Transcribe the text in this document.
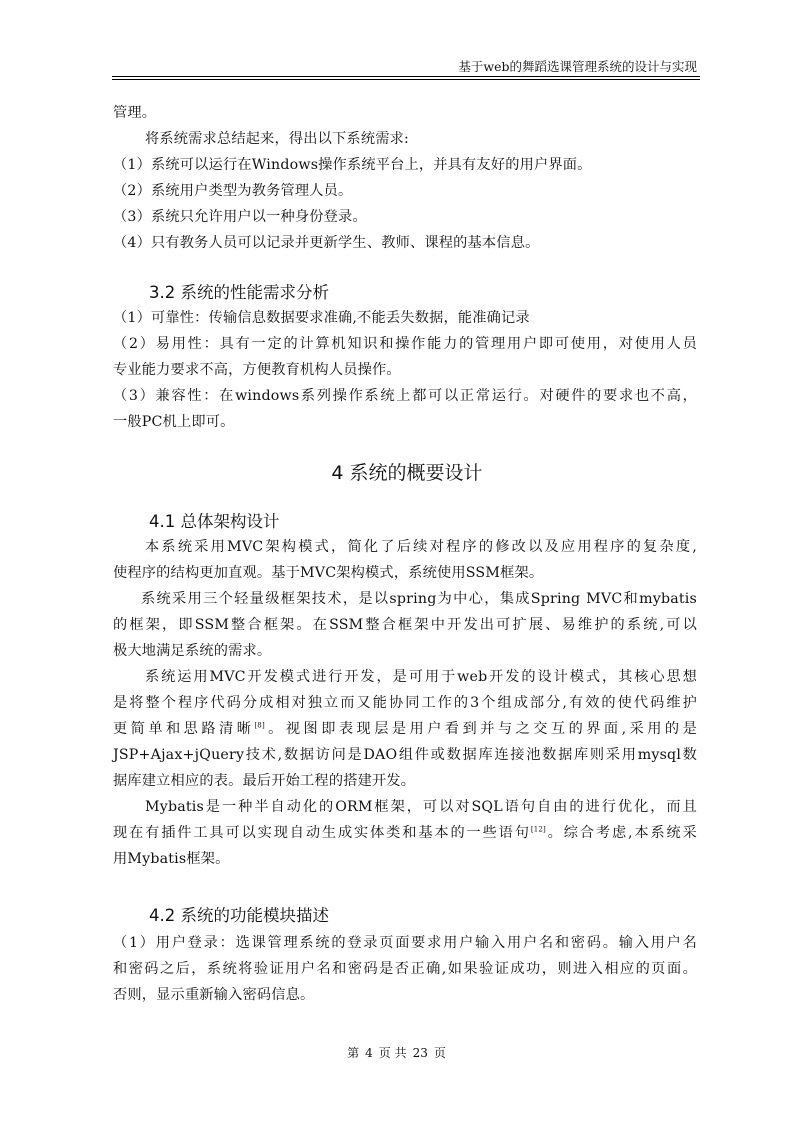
基于web的舞蹈选课管理系统的设计与实现
管理。
将系统需求总结起来，得出以下系统需求:
（1）系统可以运行在Windows操作系统平台上，并具有友好的用户界面。
（2）系统用户类型为教务管理人员。
（3）系统只允许用户以一种身份登录。
（4）只有教务人员可以记录并更新学生、教师、课程的基本信息。
3.2 系统的性能需求分析
（1）可靠性：传输信息数据要求准确,不能丢失数据，能准确记录
（2）易用性：具有一定的计算机知识和操作能力的管理用户即可使用，对使用人员
专业能力要求不高，方便教育机构人员操作。
（3）兼容性：在windows系列操作系统上都可以正常运行。对硬件的要求也不高，
一般PC机上即可。
4 系统的概要设计
4.1 总体架构设计
本系统采用MVC架构模式，简化了后续对程序的修改以及应用程序的复杂度,
使程序的结构更加直观。基于MVC架构模式，系统使用SSM框架。
系统采用三个轻量级框架技术，是以spring为中心，集成Spring MVC和mybatis
的框架，即SSM整合框架。在SSM整合框架中开发出可扩展、易维护的系统,可以
极大地满足系统的需求。
系统运用MVC开发模式进行开发，是可用于web开发的设计模式，其核心思想
是将整个程序代码分成相对独立而又能协同工作的3个组成部分,有效的使代码维护
更简单和思路清晰[8]。视图即表现层是用户看到并与之交互的界面,采用的是
JSP+Ajax+jQuery技术,数据访问是DAO组件或数据库连接池数据库则采用mysql数
据库建立相应的表。最后开始工程的搭建开发。
Mybatis是一种半自动化的ORM框架，可以对SQL语句自由的进行优化，而且
现在有插件工具可以实现自动生成实体类和基本的一些语句[12]。综合考虑,本系统采
用Mybatis框架。
4.2 系统的功能模块描述
（1）用户登录：选课管理系统的登录页面要求用户输入用户名和密码。输入用户名
和密码之后，系统将验证用户名和密码是否正确,如果验证成功，则进入相应的页面。
否则，显示重新输入密码信息。
第 4 页 共 23 页
